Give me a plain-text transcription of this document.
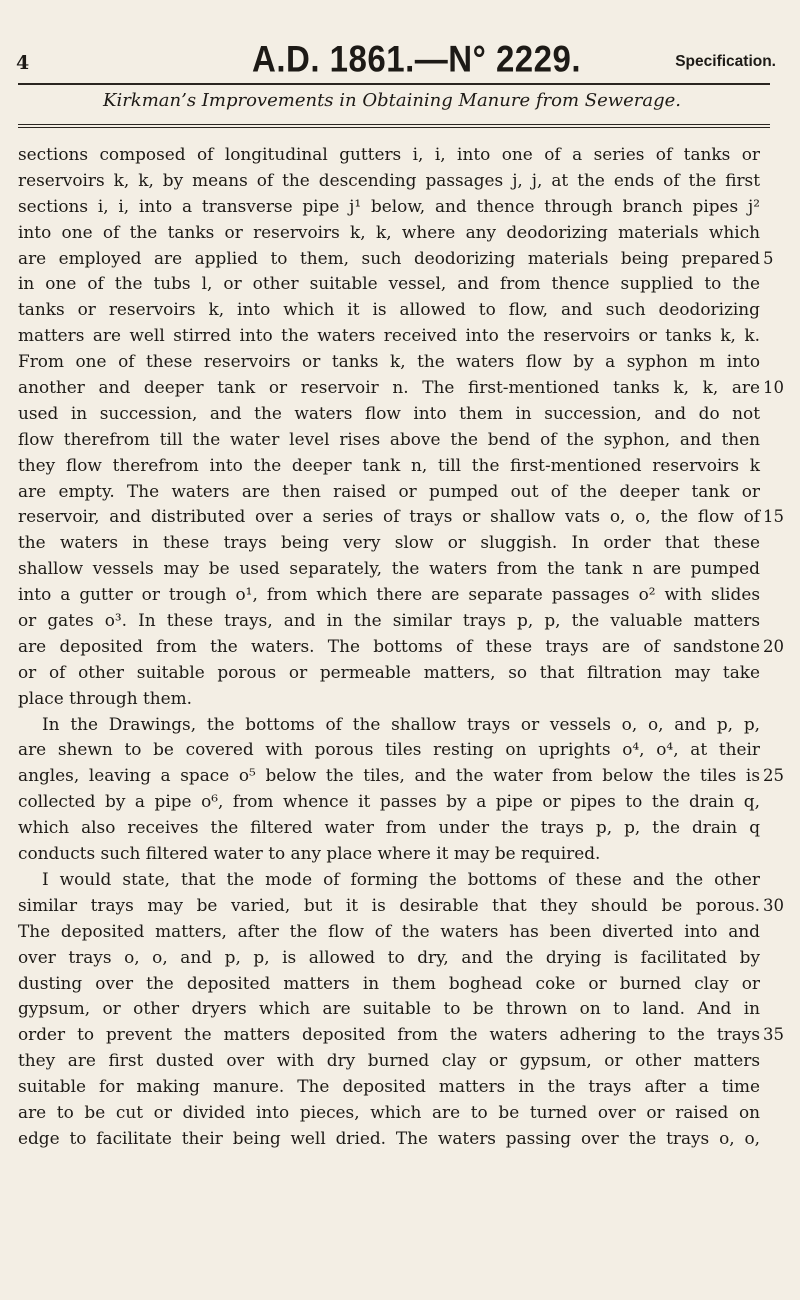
4	A.D. 1861.—N° 2229.	Specification.
Kirkman’s Improvements in Obtaining Manure from Sewerage.
sections composed of longitudinal gutters i, i, into one of a series of tanks or
reservoirs k, k, by means of the descending passages j, j, at the ends of the first
sections i, i, into a transverse pipe j¹ below, and thence through branch pipes j²
into one of the tanks or reservoirs k, k, where any deodorizing materials which
are employed are applied to them, such deodorizing materials being prepared 5
in one of the tubs l, or other suitable vessel, and from thence supplied to the
tanks or reservoirs k, into which it is allowed to flow, and such deodorizing
matters are well stirred into the waters received into the reservoirs or tanks k, k.
From one of these reservoirs or tanks k, the waters flow by a syphon m into
another and deeper tank or reservoir n. The first-mentioned tanks k, k, are 10
used in succession, and the waters flow into them in succession, and do not
flow therefrom till the water level rises above the bend of the syphon, and then
they flow therefrom into the deeper tank n, till the first-mentioned reservoirs k
are empty. The waters are then raised or pumped out of the deeper tank or
reservoir, and distributed over a series of trays or shallow vats o, o, the flow of 15
the waters in these trays being very slow or sluggish. In order that these
shallow vessels may be used separately, the waters from the tank n are pumped
into a gutter or trough o¹, from which there are separate passages o² with slides
or gates o³. In these trays, and in the similar trays p, p, the valuable matters
are deposited from the waters. The bottoms of these trays are of sandstone 20
or of other suitable porous or permeable matters, so that filtration may take
place through them.
In the Drawings, the bottoms of the shallow trays or vessels o, o, and p, p,
are shewn to be covered with porous tiles resting on uprights o⁴, o⁴, at their
angles, leaving a space o⁵ below the tiles, and the water from below the tiles is 25
collected by a pipe o⁶, from whence it passes by a pipe or pipes to the drain q,
which also receives the filtered water from under the trays p, p, the drain q
conducts such filtered water to any place where it may be required.
I would state, that the mode of forming the bottoms of these and the other
similar trays may be varied, but it is desirable that they should be porous. 30
The deposited matters, after the flow of the waters has been diverted into and
over trays o, o, and p, p, is allowed to dry, and the drying is facilitated by
dusting over the deposited matters in them boghead coke or burned clay or
gypsum, or other dryers which are suitable to be thrown on to land. And in
order to prevent the matters deposited from the waters adhering to the trays 35
they are first dusted over with dry burned clay or gypsum, or other matters
suitable for making manure. The deposited matters in the trays after a time
are to be cut or divided into pieces, which are to be turned over or raised on
edge to facilitate their being well dried. The waters passing over the trays o, o,
